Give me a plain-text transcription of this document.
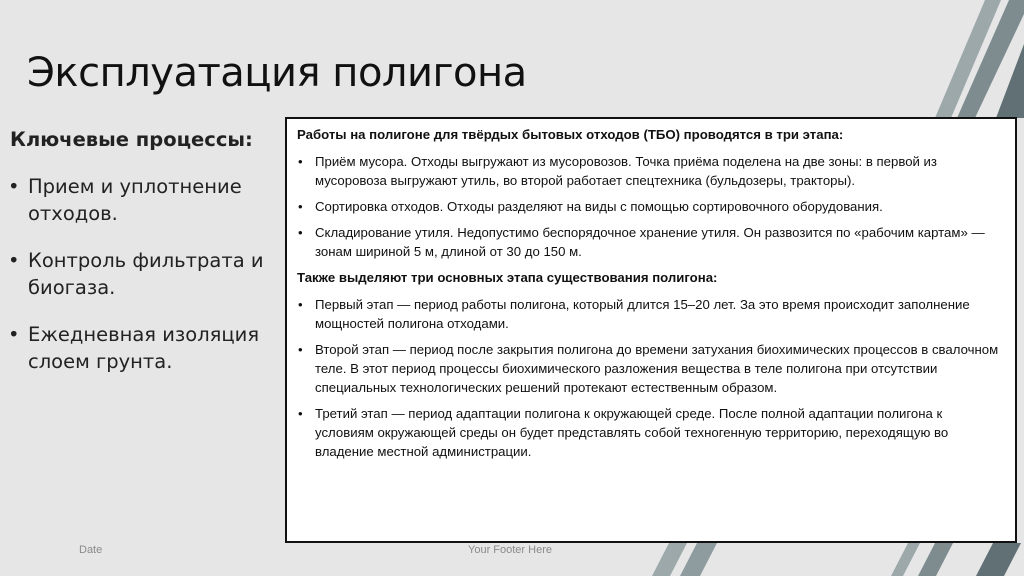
Эксплуатация полигона
Ключевые процессы:
• Прием и уплотнение отходов.
• Контроль фильтрата и биогаза.
• Ежедневная изоляция слоем грунта.
Работы на полигоне для твёрдых бытовых отходов (ТБО) проводятся в три этапа:
• Приём мусора. Отходы выгружают из мусоровозов. Точка приёма поделена на две зоны: в первой из мусоровоза выгружают утиль, во второй работает спецтехника (бульдозеры, тракторы).
• Сортировка отходов. Отходы разделяют на виды с помощью сортировочного оборудования.
• Складирование утиля. Недопустимо беспорядочное хранение утиля. Он развозится по «рабочим картам» — зонам шириной 5 м, длиной от 30 до 150 м.
Также выделяют три основных этапа существования полигона:
• Первый этап — период работы полигона, который длится 15–20 лет. За это время происходит заполнение мощностей полигона отходами.
• Второй этап — период после закрытия полигона до времени затухания биохимических процессов в свалочном теле. В этот период процессы биохимического разложения вещества в теле полигона при отсутствии специальных технологических решений протекают естественным образом.
• Третий этап — период адаптации полигона к окружающей среде. После полной адаптации полигона к условиям окружающей среды он будет представлять собой техногенную территорию, переходящую во владение местной администрации.
Date	Your Footer Here	6
